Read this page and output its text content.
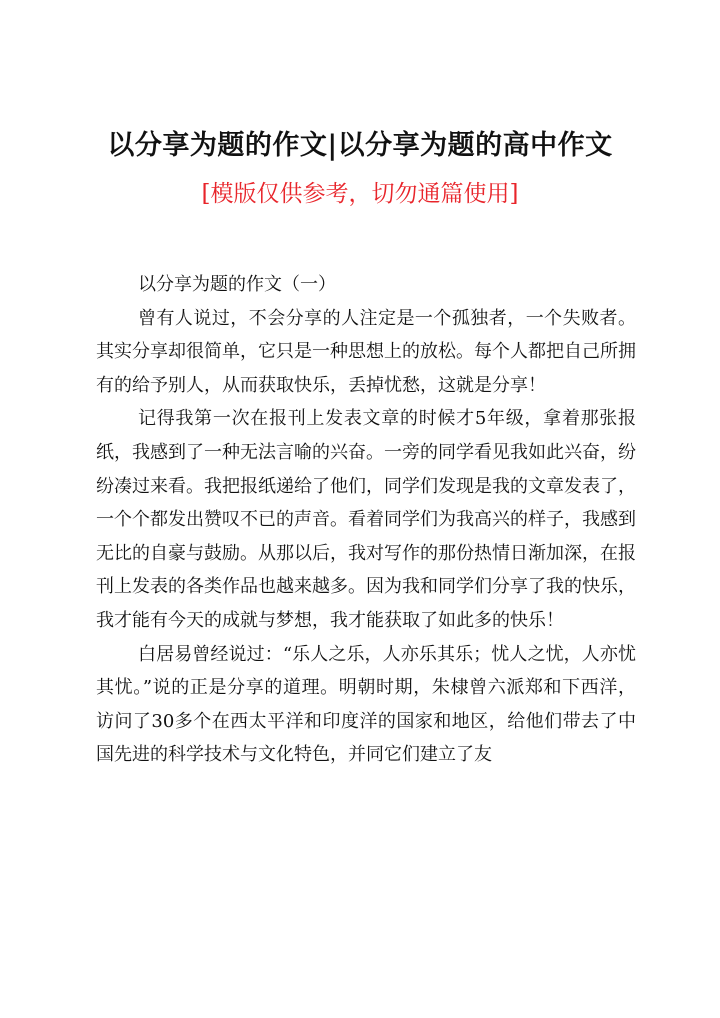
以分享为题的作文|以分享为题的高中作文
[模版仅供参考，切勿通篇使用]

以分享为题的作文（一）

曾有人说过，不会分享的人注定是一个孤独者，一个失败者。其实分享却很简单，它只是一种思想上的放松。每个人都把自己所拥有的给予别人，从而获取快乐，丢掉忧愁，这就是分享！

记得我第一次在报刊上发表文章的时候才5年级，拿着那张报纸，我感到了一种无法言喻的兴奋。一旁的同学看见我如此兴奋，纷纷凑过来看。我把报纸递给了他们，同学们发现是我的文章发表了，一个个都发出赞叹不已的声音。看着同学们为我高兴的样子，我感到无比的自豪与鼓励。从那以后，我对写作的那份热情日渐加深，在报刊上发表的各类作品也越来越多。因为我和同学们分享了我的快乐，我才能有今天的成就与梦想，我才能获取了如此多的快乐！

白居易曾经说过：“乐人之乐，人亦乐其乐；忧人之忧，人亦忧其忧。”说的正是分享的道理。明朝时期，朱棣曾六派郑和下西洋，访问了30多个在西太平洋和印度洋的国家和地区，给他们带去了中国先进的科学技术与文化特色，并同它们建立了友
